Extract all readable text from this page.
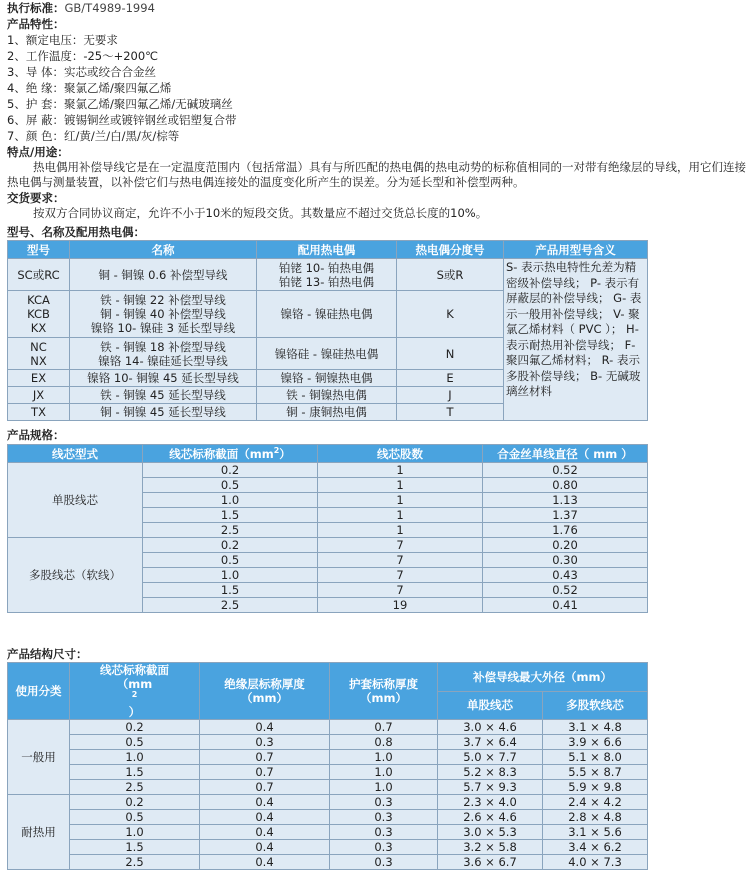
执行标准：GB/T4989-1994
产品特性：
1、额定电压：无要求
2、工作温度：-25～+200℃
3、导 体：实芯或绞合合金丝
4、绝 缘：聚氯乙烯/聚四氟乙烯
5、护 套：聚氯乙烯/聚四氟乙烯/无碱玻璃丝
6、屏 蔽：镀锡铜丝或镀锌钢丝或铝塑复合带
7、颜 色：红/黄/兰/白/黑/灰/棕等
特点/用途：
热电偶用补偿导线它是在一定温度范围内（包括常温）具有与所匹配的热电偶的热电动势的标称值相同的一对带有绝缘层的导线，用它们连接热电偶与测量装置，以补偿它们与热电偶连接处的温度变化所产生的误差。分为延长型和补偿型两种。
交货要求：
按双方合同协议商定，允许不小于10米的短段交货。其数量应不超过交货总长度的10%。
型号、名称及配用热电偶：
型号	名称	配用热电偶	热电偶分度号	产品用型号含义

SC或RC	铜 - 铜镍 0.6 补偿型导线	铂铑 10- 铂热电偶
铂铑 13- 铂热电偶	S或R	S- 表示热电特性允差为精密级补偿导线； P- 表示有屏蔽层的补偿导线； G- 表示一般用补偿导线； V- 聚氯乙烯材料（ PVC ）； H- 表示耐热用补偿导线； F- 聚四氟乙烯材料； R- 表示多股补偿导线； B- 无碱玻璃丝材料

KCA
KCB
KX	铁 - 铜镍 22 补偿型导线
铜 - 铜镍 40 补偿型导线
镍铬 10- 镍硅 3 延长型导线	镍铬 - 镍硅热电偶	K	

NC
NX	铁 - 铜镍 18 补偿型导线
镍铬 14- 镍硅延长型导线	镍铬硅 - 镍硅热电偶	N	

EX	镍铬 10- 铜镍 45 延长型导线	镍铬 - 铜镍热电偶	E	

JX	铁 - 铜镍 45 延长型导线	铁 - 铜镍热电偶	J	

TX	铜 - 铜镍 45 延长型导线	铜 - 康铜热电偶	T	
产品规格：
线芯型式	线芯标称截面$(mm^2)$	线芯股数	合金丝单线直径（ mm ）
单股线芯	0.2	1	0.52
	0.5	1	0.80
	1.0	1	1.13
	1.5	1	1.37
	2.5	1	1.76
多股线芯（软线）	0.2	7	0.20
	0.5	7	0.30
	1.0	7	0.43
	1.5	7	0.52
	2.5	19	0.41
产品结构尺寸：
使用分类	线芯标称截面
（mm
$^2$
）	绝缘层标称厚度
（mm）	护套标称厚度
（mm）	补偿导线最大外径（mm）	
				单股线芯	多股软线芯
一般用	0.2	0.4	0.7	3.0 × 4.6	3.1 × 4.8
	0.5	0.3	0.8	3.7 × 6.4	3.9 × 6.6
	1.0	0.7	1.0	5.0 × 7.7	5.1 × 8.0
	1.5	0.7	1.0	5.2 × 8.3	5.5 × 8.7
	2.5	0.7	1.0	5.7 × 9.3	5.9 × 9.8
耐热用	0.2	0.4	0.3	2.3 × 4.0	2.4 × 4.2
	0.5	0.4	0.3	2.6 × 4.6	2.8 × 4.8
	1.0	0.4	0.3	3.0 × 5.3	3.1 × 5.6
	1.5	0.4	0.3	3.2 × 5.8	3.4 × 6.2
	2.5	0.4	0.3	3.6 × 6.7	4.0 × 7.3
